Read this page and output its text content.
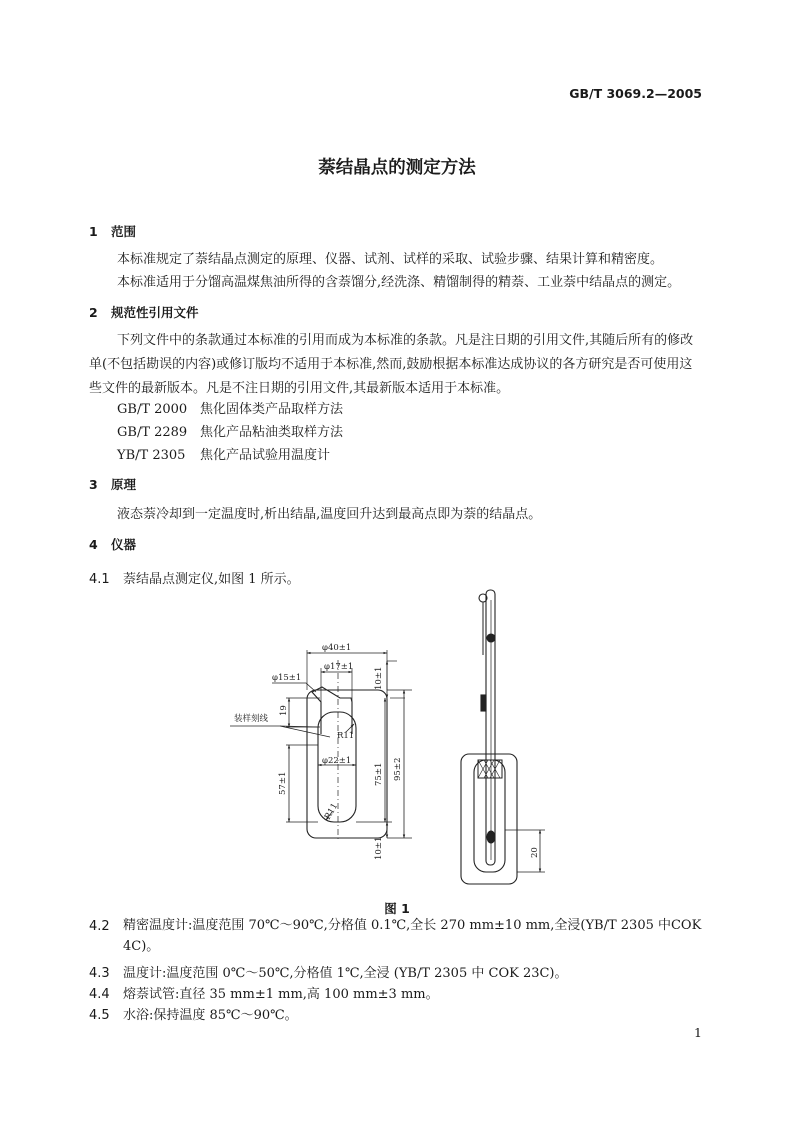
GB/T 3069.2—2005
萘结晶点的测定方法
1 范围
本标准规定了萘结晶点测定的原理、仪器、试剂、试样的采取、试验步骤、结果计算和精密度。
本标准适用于分馏高温煤焦油所得的含萘馏分,经洗涤、精馏制得的精萘、工业萘中结晶点的测定。
2 规范性引用文件
下列文件中的条款通过本标准的引用而成为本标准的条款。凡是注日期的引用文件,其随后所有的修改单(不包括勘误的内容)或修订版均不适用于本标准,然而,鼓励根据本标准达成协议的各方研究是否可使用这些文件的最新版本。凡是不注日期的引用文件,其最新版本适用于本标准。
GB/T 2000 焦化固体类产品取样方法
GB/T 2289 焦化产品粘油类取样方法
YB/T 2305 焦化产品试验用温度计
3 原理
液态萘冷却到一定温度时,析出结晶,温度回升达到最高点即为萘的结晶点。
4 仪器
4.1 萘结晶点测定仪,如图 1 所示。
φ40±1
φ17±1
φ15±1	10±1
19
装样刻线
R11
φ22±1
57±1	75±1 95±2
R11
10±1	20
图 1
4.2	精密温度计:温度范围 70℃～90℃,分格值 0.1℃,全长 270 mm±10 mm,全浸(YB/T 2305 中COK 4C)。
4.3 温度计:温度范围 0℃～50℃,分格值 1℃,全浸 (YB/T 2305 中 COK 23C)。
4.4 熔萘试管:直径 35 mm±1 mm,高 100 mm±3 mm。
4.5 水浴:保持温度 85℃～90℃。
1
